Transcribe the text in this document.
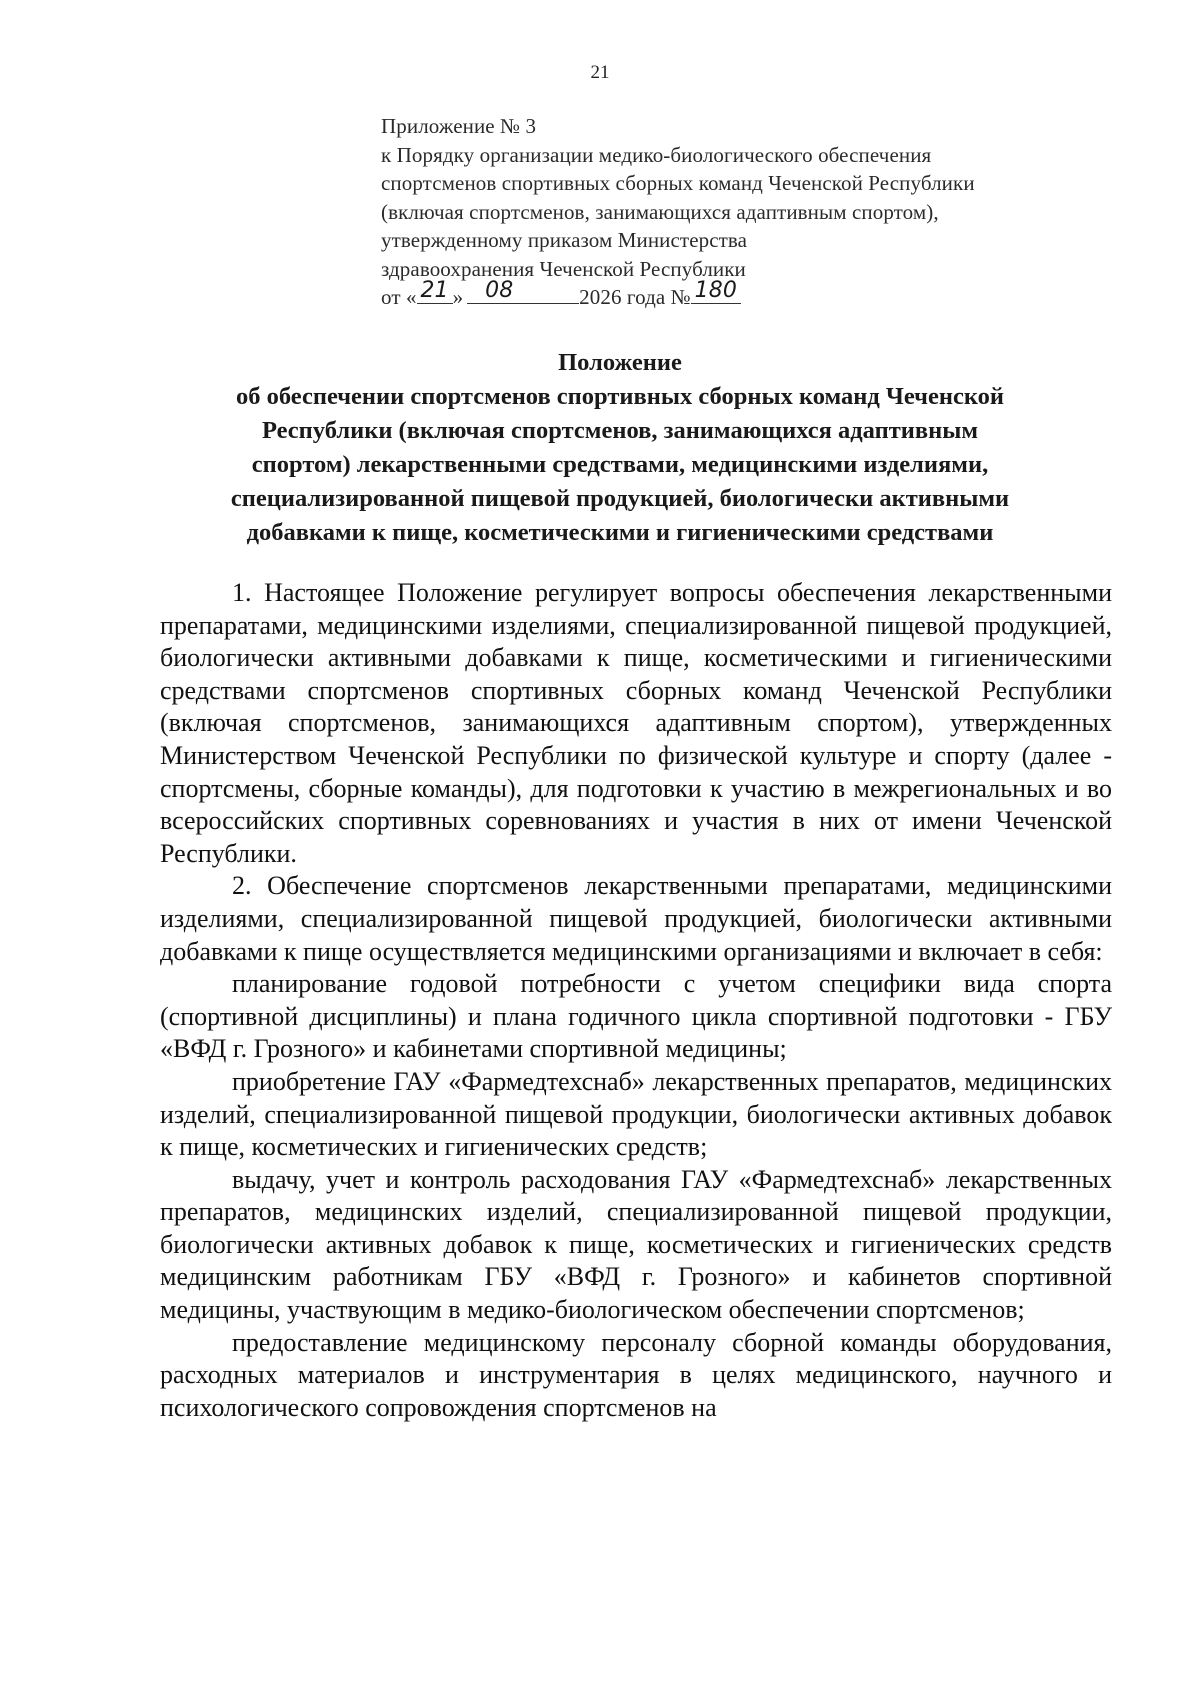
21
Приложение № 3
к Порядку организации медико-биологического обеспечения
спортсменов спортивных сборных команд Чеченской Республики
(включая спортсменов, занимающихся адаптивным спортом),
утвержденному приказом Министерства
здравоохранения Чеченской Республики
от « 21 »	08	2026 года № 180
Положение
об обеспечении спортсменов спортивных сборных команд Чеченской
Республики (включая спортсменов, занимающихся адаптивным
спортом) лекарственными средствами, медицинскими изделиями,
специализированной пищевой продукцией, биологически активными
добавками к пище, косметическими и гигиеническими средствами

1. Настоящее Положение регулирует вопросы обеспечения лекарственными препаратами, медицинскими изделиями, специализированной пищевой продукцией, биологически активными добавками к пище, косметическими и гигиеническими средствами спортсменов спортивных сборных команд Чеченской Республики (включая спортсменов, занимающихся адаптивным спортом), утвержденных Министерством Чеченской Республики по физической культуре и спорту (далее - спортсмены, сборные команды), для подготовки к участию в межрегиональных и во всероссийских спортивных соревнованиях и участия в них от имени Чеченской Республики.

2. Обеспечение спортсменов лекарственными препаратами, медицинскими изделиями, специализированной пищевой продукцией, биологически активными добавками к пище осуществляется медицинскими организациями и включает в себя:

планирование годовой потребности с учетом специфики вида спорта (спортивной дисциплины) и плана годичного цикла спортивной подготовки - ГБУ «ВФД г. Грозного» и кабинетами спортивной медицины;

приобретение ГАУ «Фармедтехснаб» лекарственных препаратов, медицинских изделий, специализированной пищевой продукции, биологически активных добавок к пище, косметических и гигиенических средств;

выдачу, учет и контроль расходования ГАУ «Фармедтехснаб» лекарственных препаратов, медицинских изделий, специализированной пищевой продукции, биологически активных добавок к пище, косметических и гигиенических средств медицинским работникам ГБУ «ВФД г. Грозного» и кабинетов спортивной медицины, участвующим в медико-биологическом обеспечении спортсменов;

предоставление медицинскому персоналу сборной команды оборудования, расходных материалов и инструментария в целях медицинского, научного и психологического сопровождения спортсменов на
